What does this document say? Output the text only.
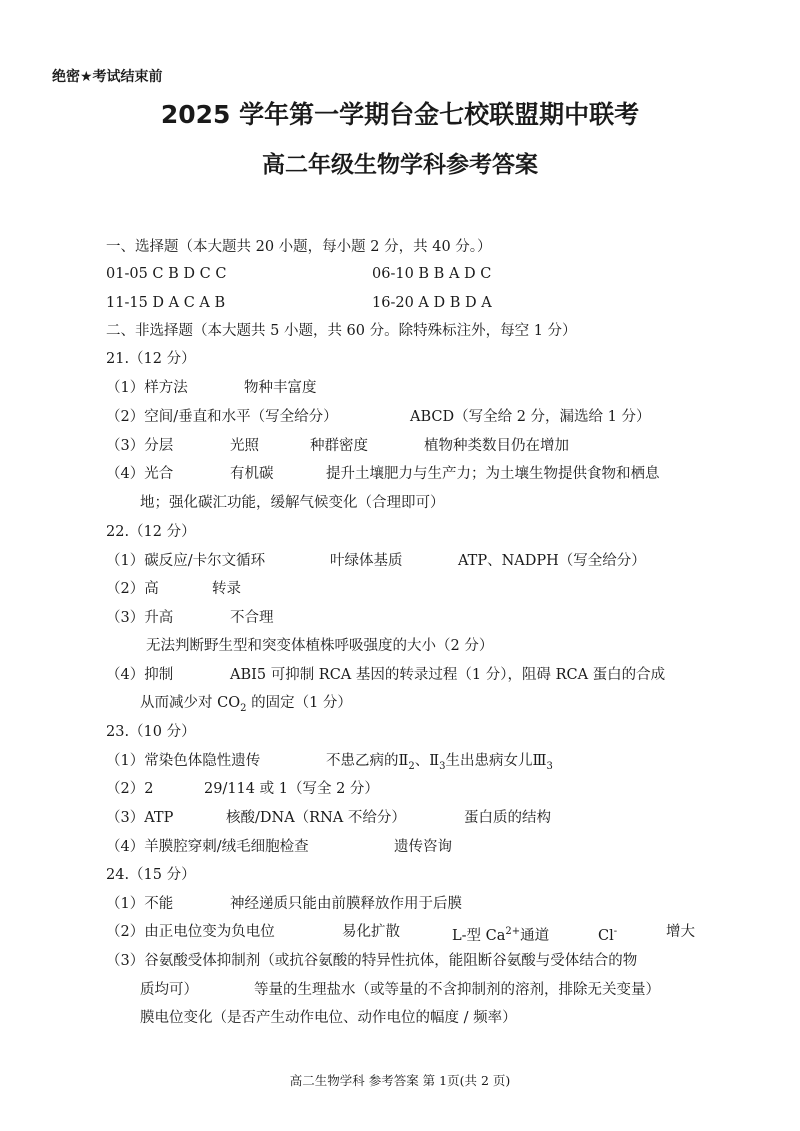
绝密★考试结束前
2025 学年第一学期台金七校联盟期中联考
高二年级生物学科参考答案
一、选择题（本大题共 20 小题，每小题 2 分，共 40 分。）
01-05 C B D C C	06-10 B B A D C
11-15 D A C A B	16-20 A D B D A
二、非选择题（本大题共 5 小题，共 60 分。除特殊标注外，每空 1 分）
21.（12 分）
（1）样方法	物种丰富度
（2）空间/垂直和水平（写全给分）	ABCD（写全给 2 分，漏选给 1 分）
（3）分层	光照	种群密度	植物种类数目仍在增加
（4）光合	有机碳	提升土壤肥力与生产力；为土壤生物提供食物和栖息
地；强化碳汇功能，缓解气候变化（合理即可）
22.（12 分）
（1）碳反应/卡尔文循环	叶绿体基质	ATP、NADPH（写全给分）
（2）高	转录
（3）升高	不合理
无法判断野生型和突变体植株呼吸强度的大小（2 分）
（4）抑制	ABI5 可抑制 RCA 基因的转录过程（1 分），阻碍 RCA 蛋白的合成
从而减少对 $CO_2$ 的固定（1 分）
23.（10 分）
（1）常染色体隐性遗传	不患乙病的$Ⅱ_2$、$Ⅱ_3$生出患病女儿$Ⅲ_3$
（2）2	29/114 或 1（写全 2 分）
（3）ATP	核酸/DNA（RNA 不给分）	蛋白质的结构
（4）羊膜腔穿刺/绒毛细胞检查	遗传咨询
24.（15 分）
（1）不能	神经递质只能由前膜释放作用于后膜
（2）由正电位变为负电位	易化扩散	L-型 $Ca^{2+}$通道	Cl-	增大
（3）谷氨酸受体抑制剂（或抗谷氨酸的特异性抗体，能阻断谷氨酸与受体结合的物
质均可）	等量的生理盐水（或等量的不含抑制剂的溶剂，排除无关变量）
膜电位变化（是否产生动作电位、动作电位的幅度 / 频率）
高二生物学科 参考答案 第 1页(共 2 页)
